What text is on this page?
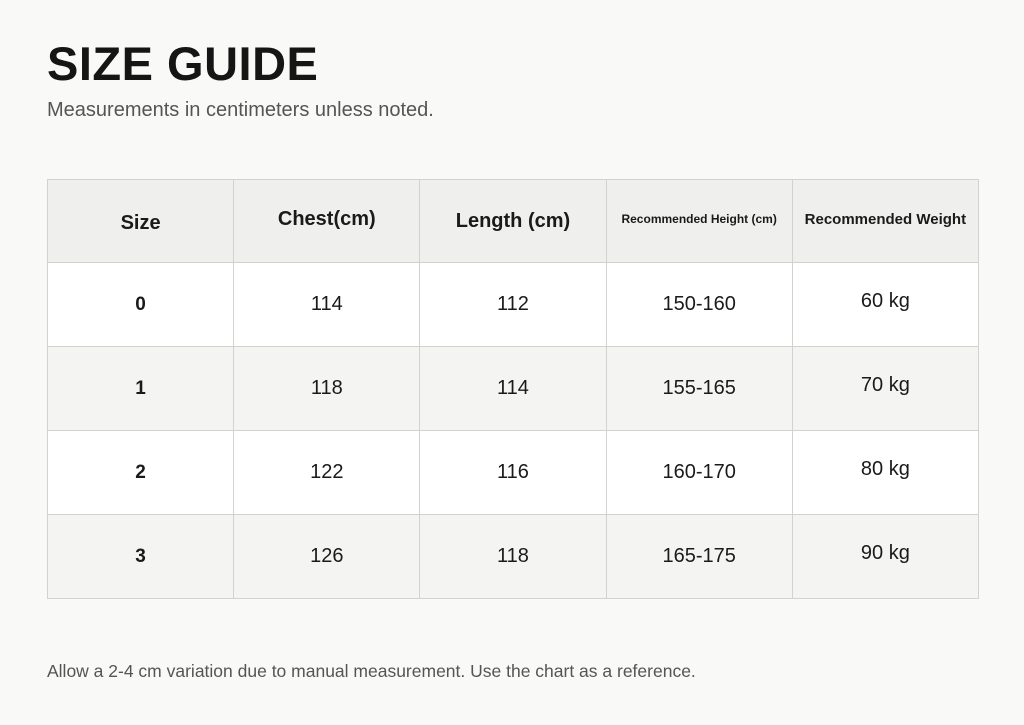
SIZE GUIDE

Measurements in centimeters unless noted.

Size	Chest(cm)	Length (cm)	Recommended Height (cm)	Recommended Weight
0	114	112	150-160	60 kg
1	118	114	155-165	70 kg
2	122	116	160-170	80 kg
3	126	118	165-175	90 kg

Allow a 2-4 cm variation due to manual measurement. Use the chart as a reference.
